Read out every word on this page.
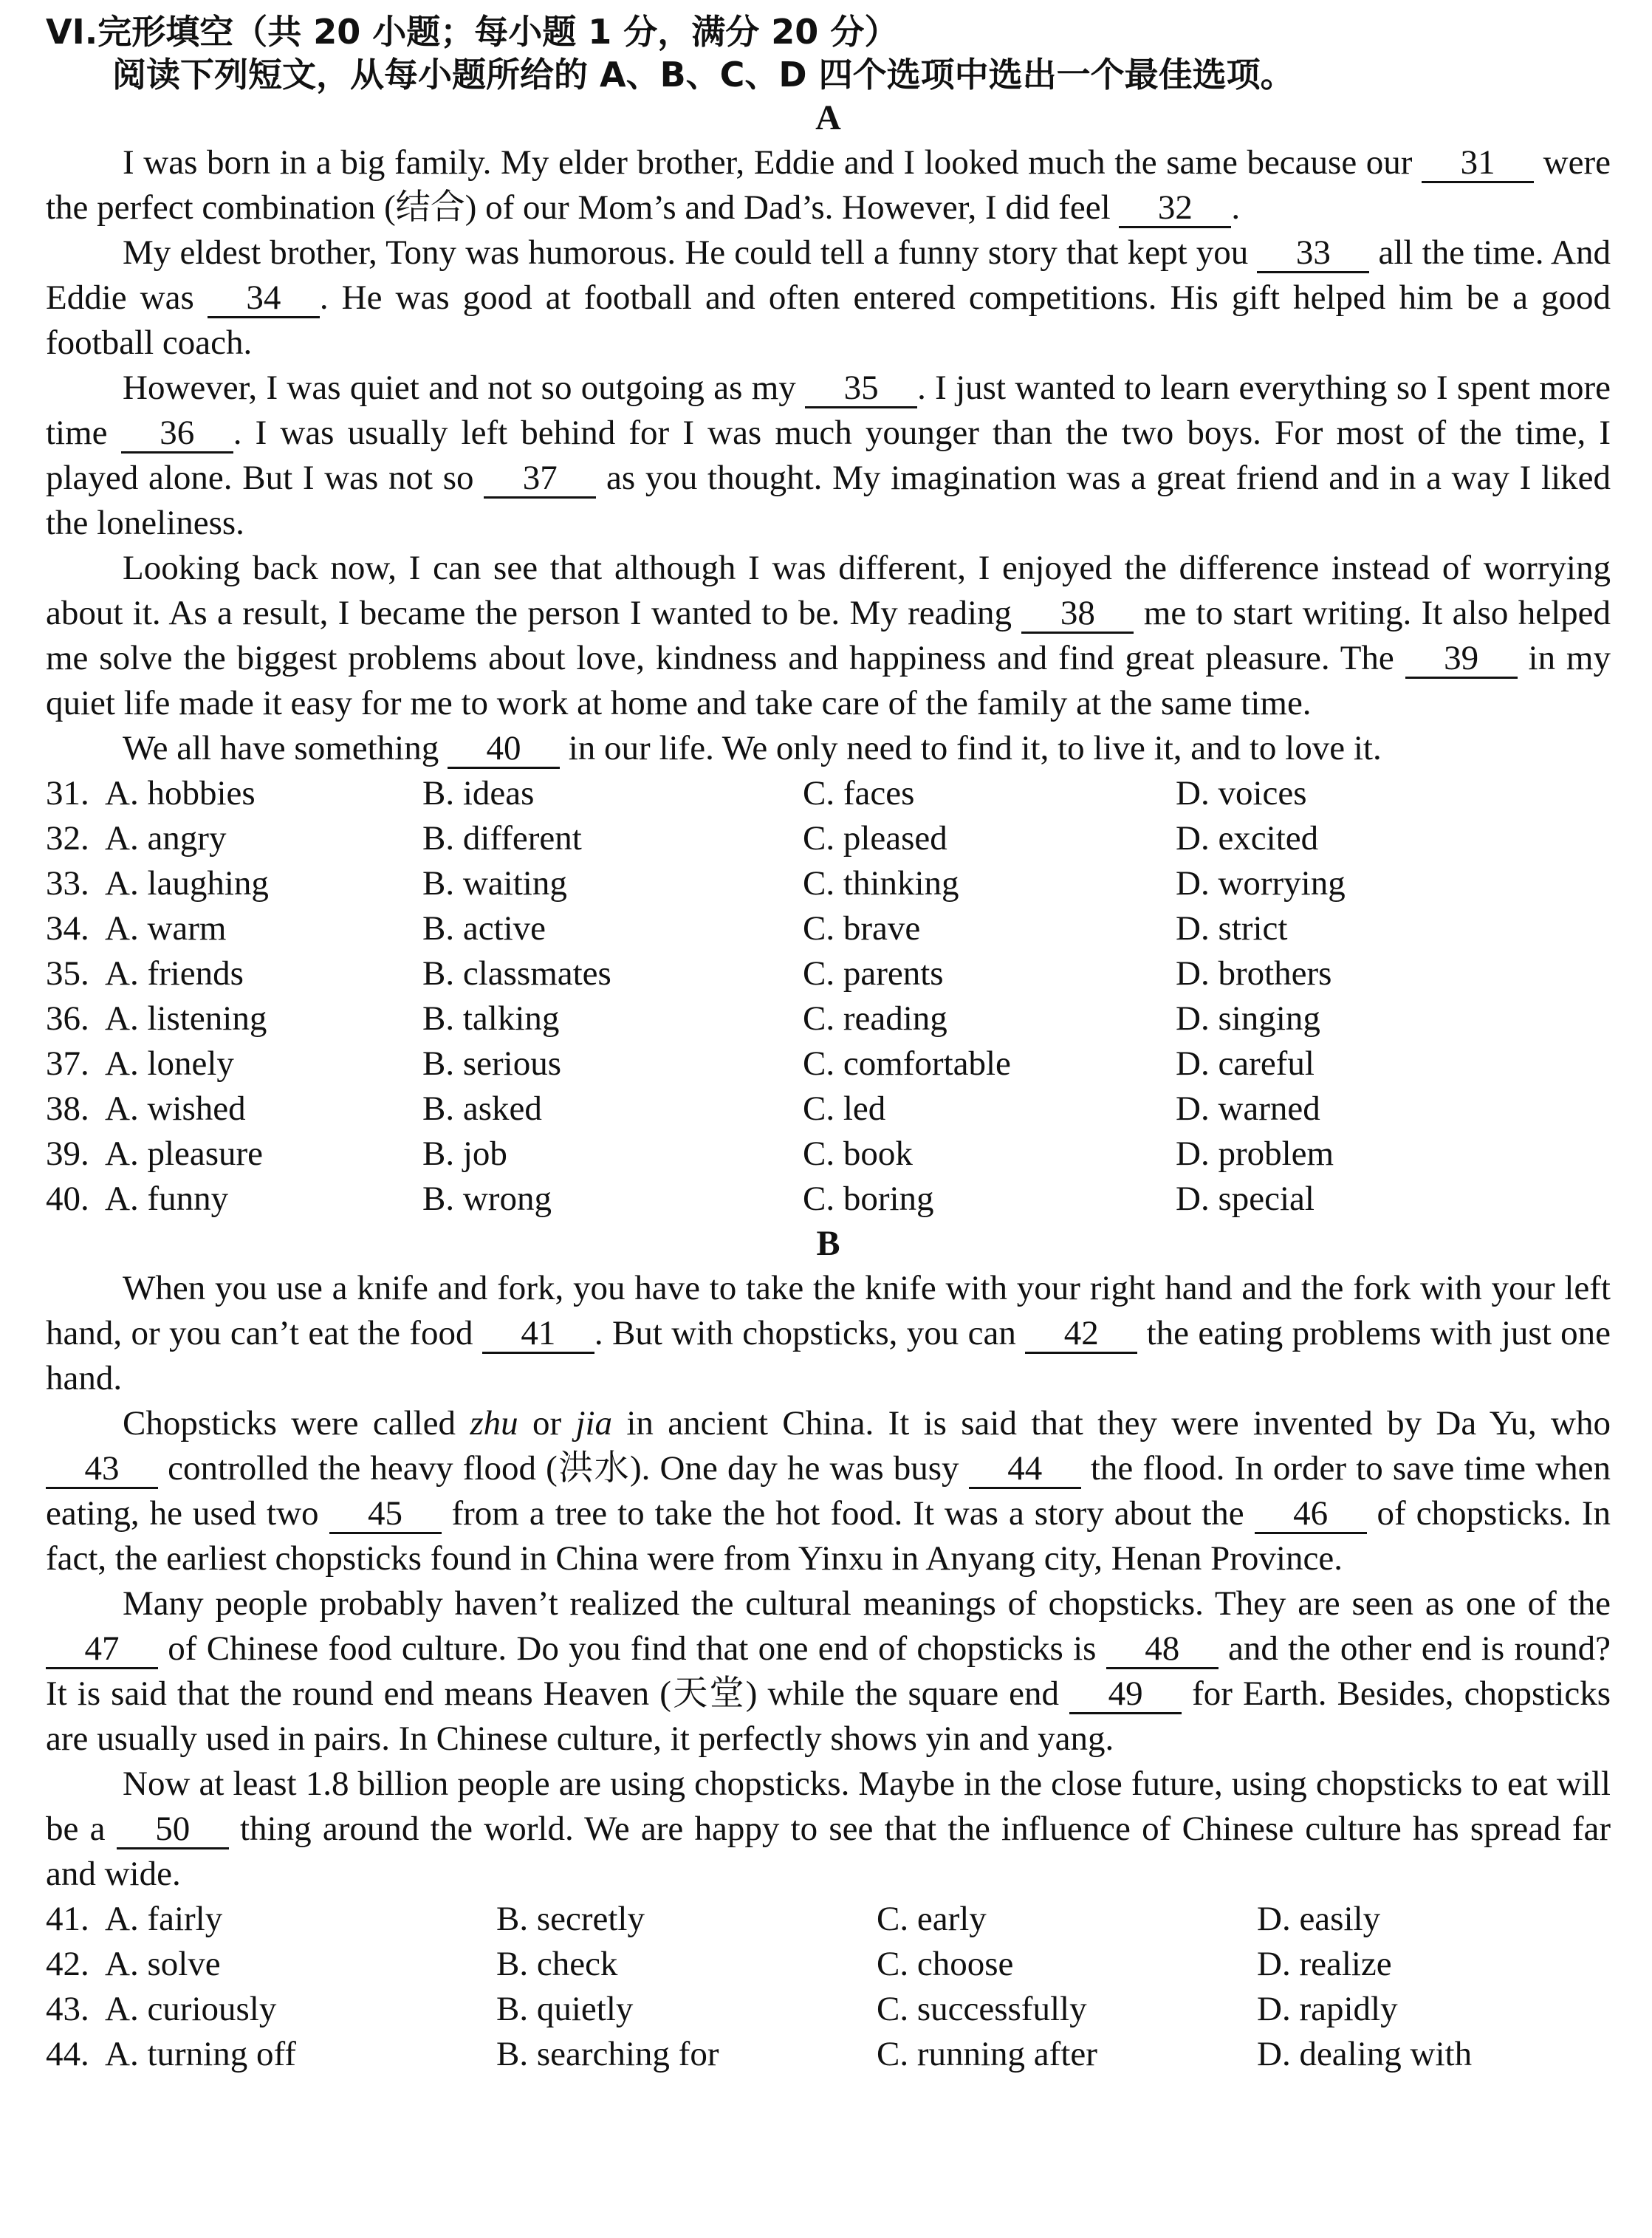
VI.完形填空（共 20 小题；每小题 1 分，满分 20 分）
阅读下列短文，从每小题所给的 A、B、C、D 四个选项中选出一个最佳选项。
A

I was born in a big family. My elder brother, Eddie and I looked much the same because our 31 were the perfect combination (结合) of our Mom’s and Dad’s. However, I did feel 32 .

My eldest brother, Tony was humorous. He could tell a funny story that kept you 33 all the time. And Eddie was 34 . He was good at football and often entered competitions. His gift helped him be a good football coach.

However, I was quiet and not so outgoing as my 35 . I just wanted to learn everything so I spent more time 36 . I was usually left behind for I was much younger than the two boys. For most of the time, I played alone. But I was not so 37 as you thought. My imagination was a great friend and in a way I liked the loneliness.

Looking back now, I can see that although I was different, I enjoyed the difference instead of worrying about it. As a result, I became the person I wanted to be. My reading 38 me to start writing. It also helped me solve the biggest problems about love, kindness and happiness and find great pleasure. The 39 in my quiet life made it easy for me to work at home and take care of the family at the same time.

We all have something 40 in our life. We only need to find it, to live it, and to love it.

31. A. hobbies	B. ideas	C. faces	D. voices
32. A. angry	B. different	C. pleased	D. excited
33. A. laughing	B. waiting	C. thinking	D. worrying
34. A. warm	B. active	C. brave	D. strict
35. A. friends	B. classmates	C. parents	D. brothers
36. A. listening	B. talking	C. reading	D. singing
37. A. lonely	B. serious	C. comfortable	D. careful
38. A. wished	B. asked	C. led	D. warned
39. A. pleasure	B. job	C. book	D. problem
40. A. funny	B. wrong	C. boring	D. special
B

When you use a knife and fork, you have to take the knife with your right hand and the fork with your left hand, or you can’t eat the food 41 . But with chopsticks, you can 42 the eating problems with just one hand.

Chopsticks were called zhu or jia in ancient China. It is said that they were invented by Da Yu, who 43 controlled the heavy flood (洪水). One day he was busy 44 the flood. In order to save time when eating, he used two 45 from a tree to take the hot food. It was a story about the 46 of chopsticks. In fact, the earliest chopsticks found in China were from Yinxu in Anyang city, Henan Province.

Many people probably haven’t realized the cultural meanings of chopsticks. They are seen as one of the 47 of Chinese food culture. Do you find that one end of chopsticks is 48 and the other end is round? It is said that the round end means Heaven (天堂) while the square end 49 for Earth. Besides, chopsticks are usually used in pairs. In Chinese culture, it perfectly shows yin and yang.

Now at least 1.8 billion people are using chopsticks. Maybe in the close future, using chopsticks to eat will be a 50 thing around the world. We are happy to see that the influence of Chinese culture has spread far and wide.

41. A. fairly	B. secretly	C. early	D. easily
42. A. solve	B. check	C. choose	D. realize
43. A. curiously	B. quietly	C. successfully	D. rapidly
44. A. turning off	B. searching for	C. running after	D. dealing with
